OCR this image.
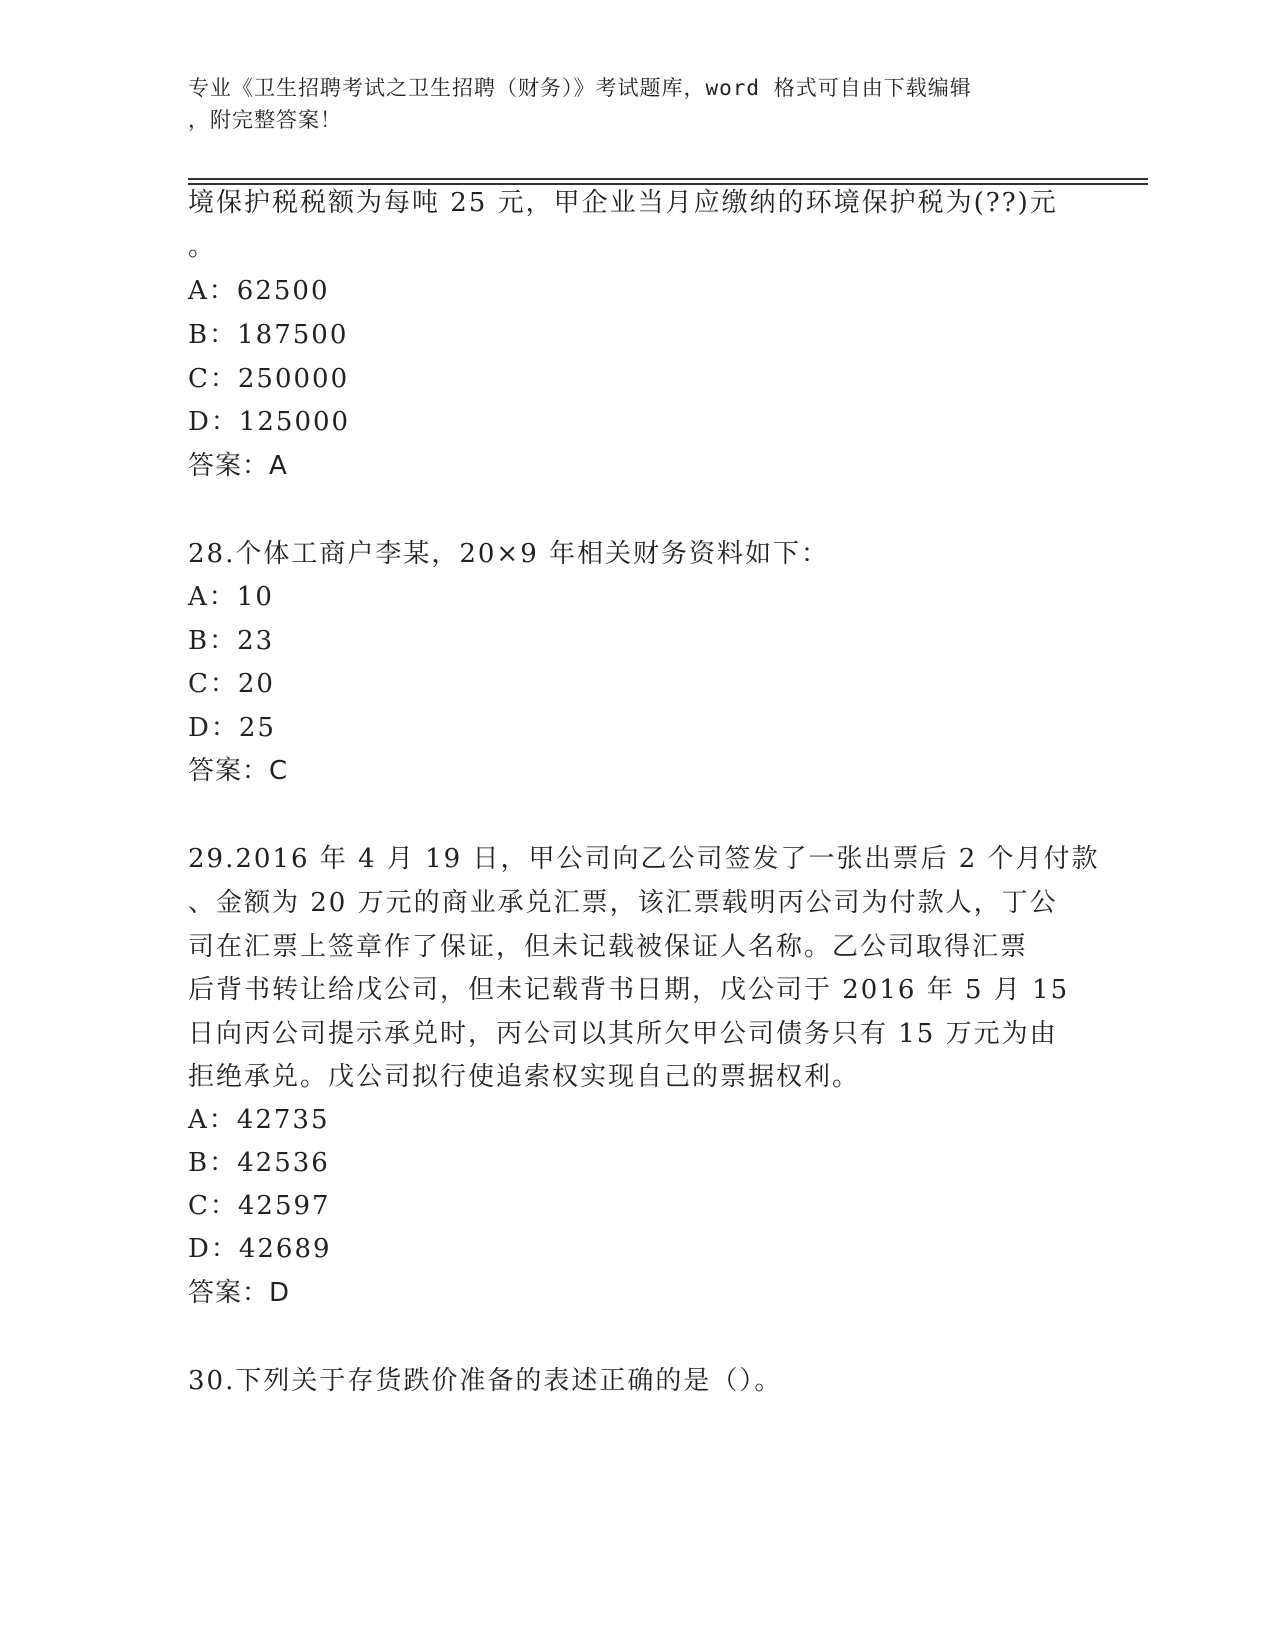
专业《卫生招聘考试之卫生招聘（财务）》考试题库，word 格式可自由下载编辑
，附完整答案！
境保护税税额为每吨 25 元，甲企业当月应缴纳的环境保护税为(??)元
。
A：62500
B：187500
C：250000
D：125000
答案：A
28.个体工商户李某，20×9 年相关财务资料如下：
A：10
B：23
C：20
D：25
答案：C
29.2016 年 4 月 19 日，甲公司向乙公司签发了一张出票后 2 个月付款
、金额为 20 万元的商业承兑汇票，该汇票载明丙公司为付款人，丁公
司在汇票上签章作了保证，但未记载被保证人名称。乙公司取得汇票
后背书转让给戊公司，但未记载背书日期，戊公司于 2016 年 5 月 15
日向丙公司提示承兑时，丙公司以其所欠甲公司债务只有 15 万元为由
拒绝承兑。戊公司拟行使追索权实现自己的票据权利。
A：42735
B：42536
C：42597
D：42689
答案：D
30.下列关于存货跌价准备的表述正确的是（）。
